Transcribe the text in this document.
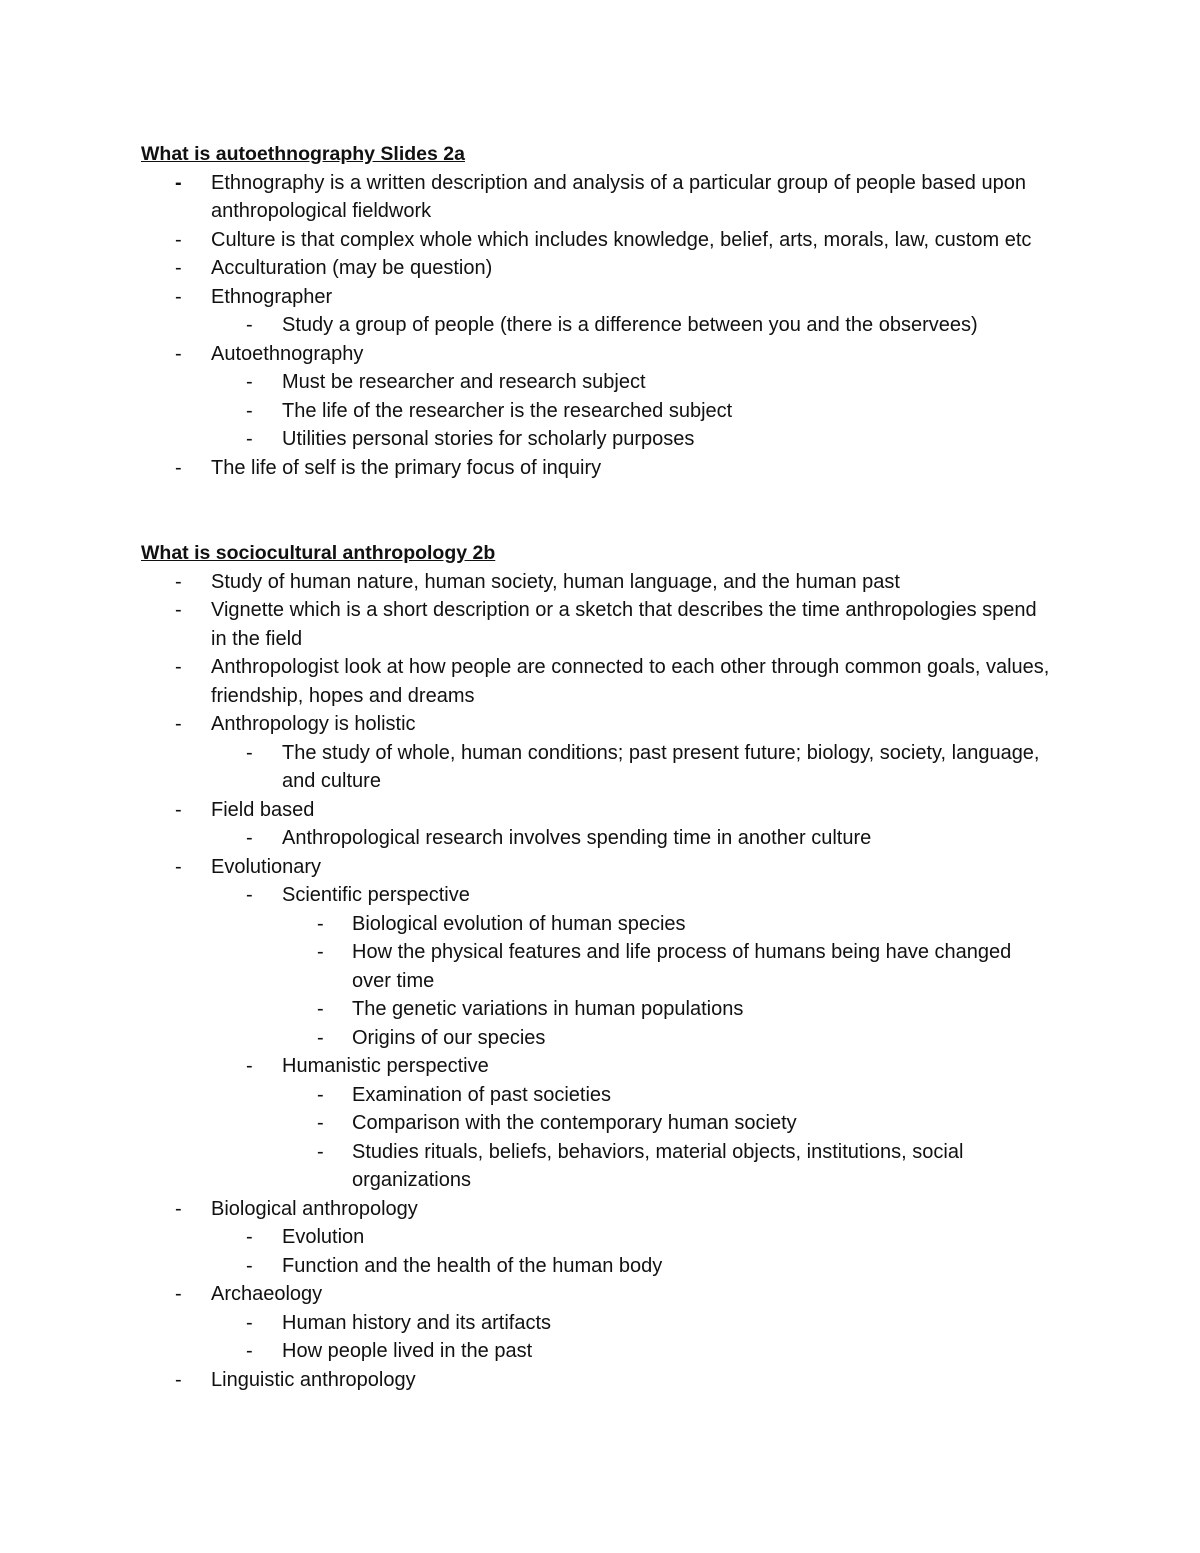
What is autoethnography Slides 2a
-	Ethnography is a written description and analysis of a particular group of people based upon anthropological fieldwork
-	Culture is that complex whole which includes knowledge, belief, arts, morals, law, custom etc
-	Acculturation (may be question)
-	Ethnographer
-	Study a group of people (there is a difference between you and the observees)
-	Autoethnography
-	Must be researcher and research subject
-	The life of the researcher is the researched subject
-	Utilities personal stories for scholarly purposes
-	The life of self is the primary focus of inquiry
What is sociocultural anthropology 2b
-	Study of human nature, human society, human language, and the human past
-	Vignette which is a short description or a sketch that describes the time anthropologies spend in the field
-	Anthropologist look at how people are connected to each other through common goals, values, friendship, hopes and dreams
-	Anthropology is holistic
-	The study of whole, human conditions; past present future; biology, society, language, and culture
-	Field based
-	Anthropological research involves spending time in another culture
-	Evolutionary
-	Scientific perspective
-	Biological evolution of human species
-	How the physical features and life process of humans being have changed over time
-	The genetic variations in human populations
-	Origins of our species
-	Humanistic perspective
-	Examination of past societies
-	Comparison with the contemporary human society
-	Studies rituals, beliefs, behaviors, material objects, institutions, social organizations
-	Biological anthropology
-	Evolution
-	Function and the health of the human body
-	Archaeology
-	Human history and its artifacts
-	How people lived in the past
-	Linguistic anthropology
